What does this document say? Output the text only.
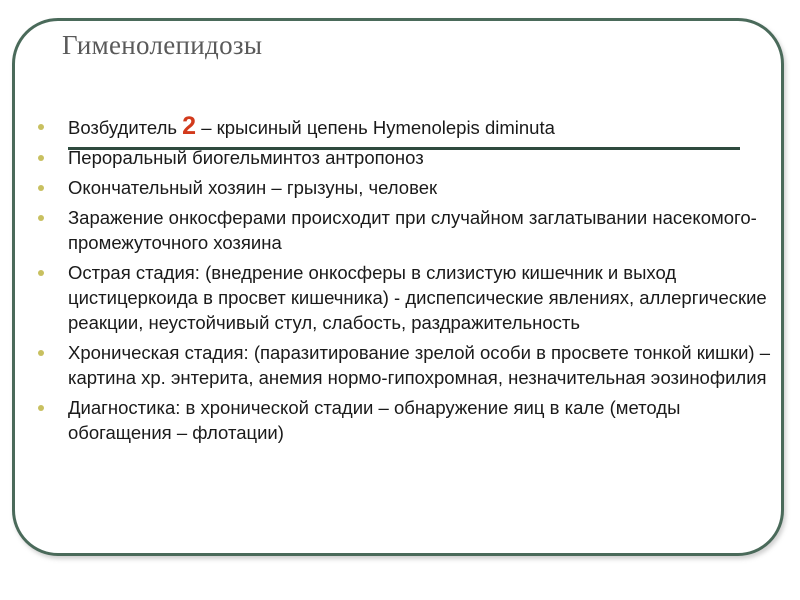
Гименолепидозы
Возбудитель 2 – крысиный цепень Hymenolepis diminuta
Пероральный биогельминтоз антропоноз
Окончательный хозяин – грызуны, человек
Заражение онкосферами происходит при случайном заглатывании насекомого-промежуточного хозяина
Острая стадия: (внедрение онкосферы в слизистую кишечник и выход цистицеркоида в просвет кишечника) - диспепсические явлениях, аллергические реакции, неустойчивый стул, слабость, раздражительность
Хроническая стадия: (паразитирование зрелой особи в просвете тонкой кишки) – картина хр. энтерита, анемия нормо-гипохромная, незначительная эозинофилия
Диагностика: в хронической стадии – обнаружение яиц в кале (методы обогащения – флотации)
